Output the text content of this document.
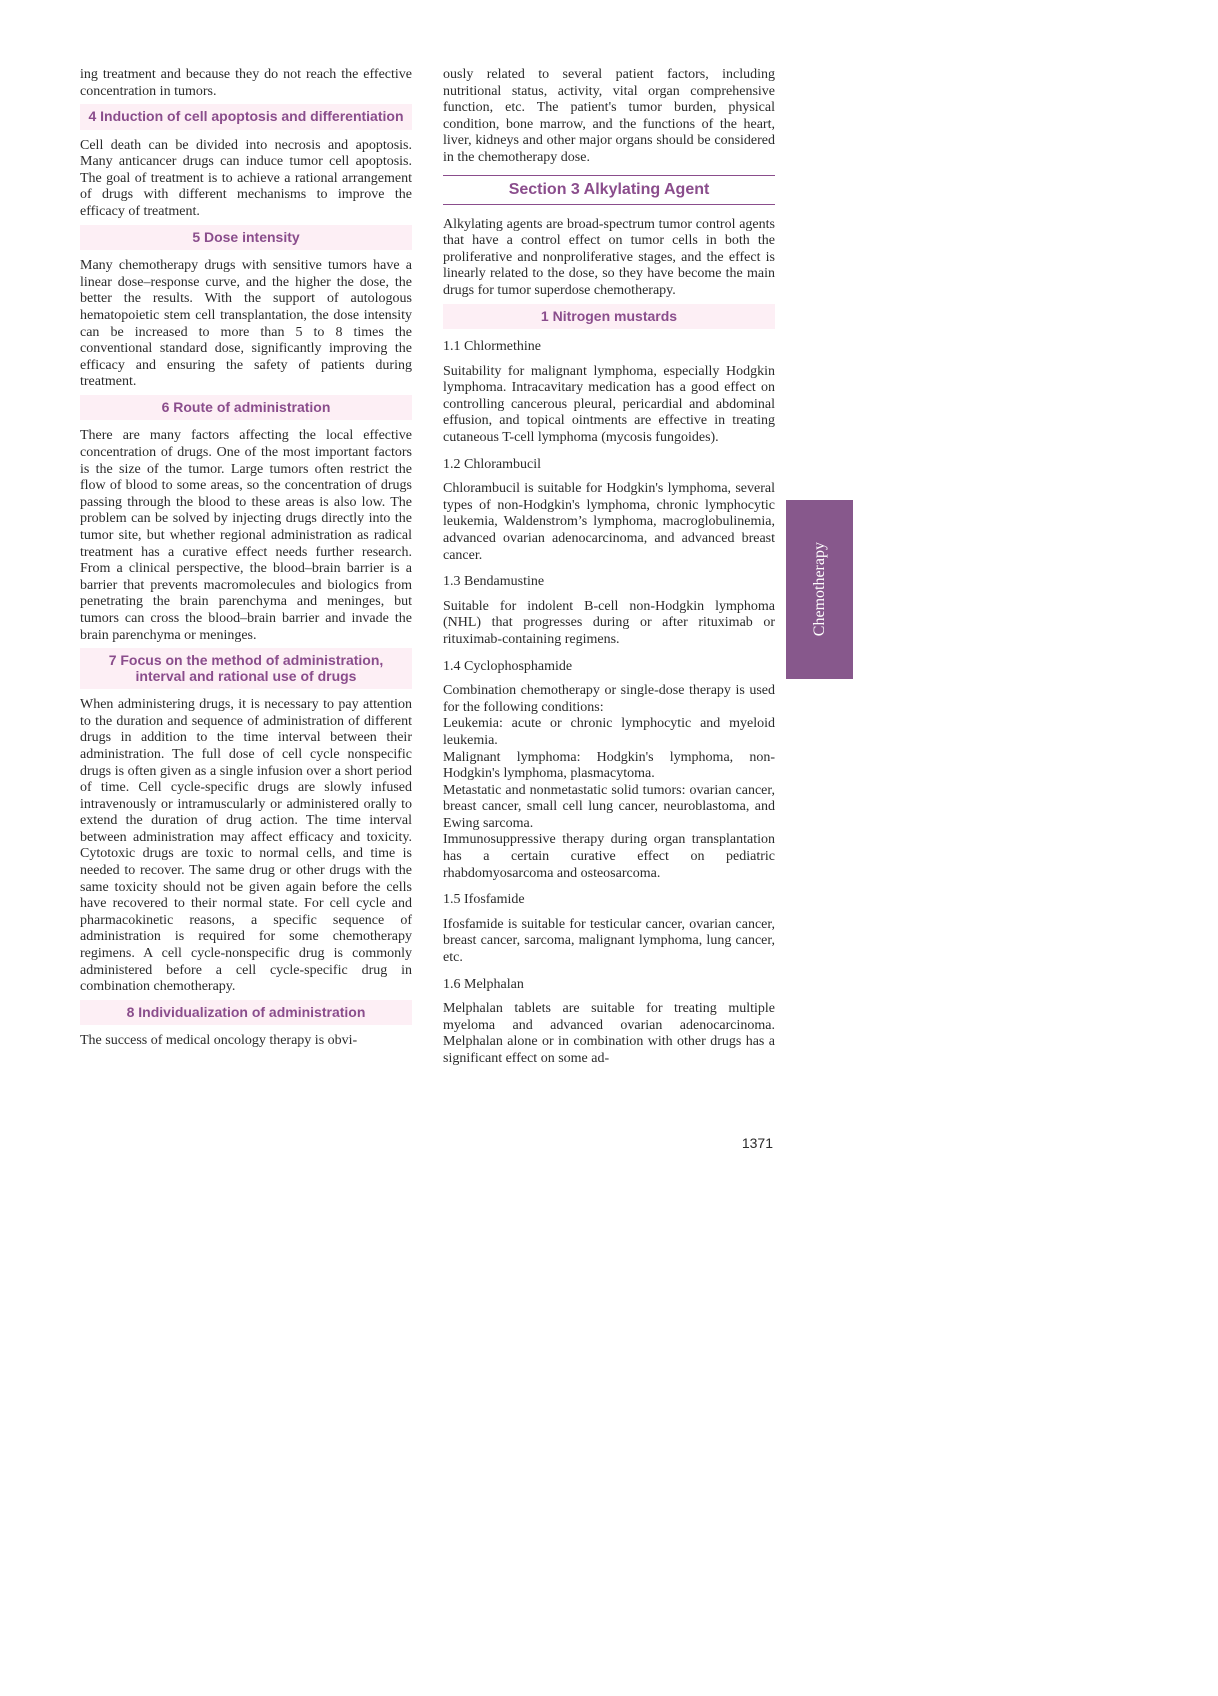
ing treatment and because they do not reach the effective concentration in tumors.

4 Induction of cell apoptosis and differentiation

Cell death can be divided into necrosis and apoptosis. Many anticancer drugs can induce tumor cell apoptosis. The goal of treatment is to achieve a rational arrangement of drugs with different mechanisms to improve the efficacy of treatment.

5 Dose intensity

Many chemotherapy drugs with sensitive tumors have a linear dose–response curve, and the higher the dose, the better the results. With the support of autologous hematopoietic stem cell transplantation, the dose intensity can be increased to more than 5 to 8 times the conventional standard dose, significantly improving the efficacy and ensuring the safety of patients during treatment.

6 Route of administration

There are many factors affecting the local effective concentration of drugs. One of the most important factors is the size of the tumor. Large tumors often restrict the flow of blood to some areas, so the concentration of drugs passing through the blood to these areas is also low. The problem can be solved by injecting drugs directly into the tumor site, but whether regional administration as radical treatment has a curative effect needs further research. From a clinical perspective, the blood–brain barrier is a barrier that prevents macromolecules and biologics from penetrating the brain parenchyma and meninges, but tumors can cross the blood–brain barrier and invade the brain parenchyma or meninges.

7 Focus on the method of administration, interval and rational use of drugs

When administering drugs, it is necessary to pay attention to the duration and sequence of administration of different drugs in addition to the time interval between their administration. The full dose of cell cycle nonspecific drugs is often given as a single infusion over a short period of time. Cell cycle-specific drugs are slowly infused intravenously or intramuscularly or administered orally to extend the duration of drug action. The time interval between administration may affect efficacy and toxicity. Cytotoxic drugs are toxic to normal cells, and time is needed to recover. The same drug or other drugs with the same toxicity should not be given again before the cells have recovered to their normal state. For cell cycle and pharmacokinetic reasons, a specific sequence of administration is required for some chemotherapy regimens. A cell cycle-nonspecific drug is commonly administered before a cell cycle-specific drug in combination chemotherapy.

8 Individualization of administration

The success of medical oncology therapy is obvi-

ously related to several patient factors, including nutritional status, activity, vital organ comprehensive function, etc. The patient's tumor burden, physical condition, bone marrow, and the functions of the heart, liver, kidneys and other major organs should be considered in the chemotherapy dose.

Section 3 Alkylating Agent

Alkylating agents are broad-spectrum tumor control agents that have a control effect on tumor cells in both the proliferative and nonproliferative stages, and the effect is linearly related to the dose, so they have become the main drugs for tumor superdose chemotherapy.

1 Nitrogen mustards

1.1 Chlormethine

Suitability for malignant lymphoma, especially Hodgkin lymphoma. Intracavitary medication has a good effect on controlling cancerous pleural, pericardial and abdominal effusion, and topical ointments are effective in treating cutaneous T-cell lymphoma (mycosis fungoides).

1.2 Chlorambucil

Chlorambucil is suitable for Hodgkin's lymphoma, several types of non-Hodgkin's lymphoma, chronic lymphocytic leukemia, Waldenstrom’s lymphoma, macroglobulinemia, advanced ovarian adenocarcinoma, and advanced breast cancer.

1.3 Bendamustine

Suitable for indolent B-cell non-Hodgkin lymphoma (NHL) that progresses during or after rituximab or rituximab-containing regimens.

1.4 Cyclophosphamide

Combination chemotherapy or single-dose therapy is used for the following conditions:

Leukemia: acute or chronic lymphocytic and myeloid leukemia.

Malignant lymphoma: Hodgkin's lymphoma, non-Hodgkin's lymphoma, plasmacytoma.

Metastatic and nonmetastatic solid tumors: ovarian cancer, breast cancer, small cell lung cancer, neuroblastoma, and Ewing sarcoma.

Immunosuppressive therapy during organ transplantation has a certain curative effect on pediatric rhabdomyosarcoma and osteosarcoma.

1.5 Ifosfamide

Ifosfamide is suitable for testicular cancer, ovarian cancer, breast cancer, sarcoma, malignant lymphoma, lung cancer, etc.

1.6 Melphalan

Melphalan tablets are suitable for treating multiple myeloma and advanced ovarian adenocarcinoma. Melphalan alone or in combination with other drugs has a significant effect on some ad-

Chemotherapy
1371
